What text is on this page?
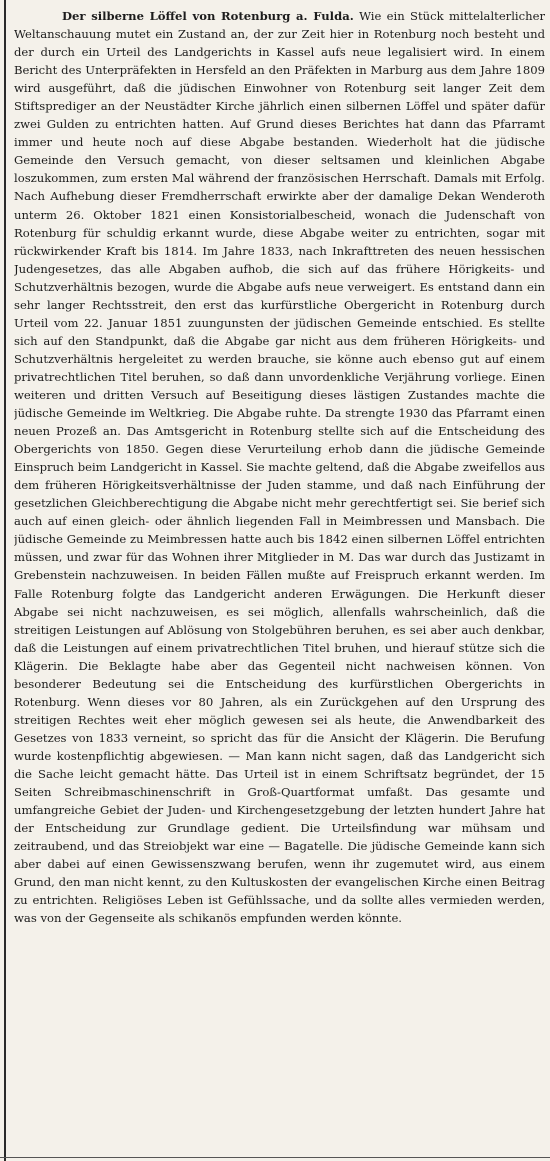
Der silberne Löffel von Rotenburg a. Fulda. Wie ein Stück mittelalterlicher Weltanschauung mutet ein Zustand an, der zur Zeit hier in Rotenburg noch besteht und der durch ein Urteil des Landgerichts in Kassel aufs neue legalisiert wird. In einem Bericht des Unterpräfekten in Hersfeld an den Präfekten in Marburg aus dem Jahre 1809 wird ausgeführt, daß die jüdischen Einwohner von Rotenburg seit langer Zeit dem Stiftsprediger an der Neustädter Kirche jährlich einen silbernen Löffel und später dafür zwei Gulden zu entrichten hatten. Auf Grund dieses Berichtes hat dann das Pfarramt immer und heute noch auf diese Abgabe bestanden. Wiederholt hat die jüdische Gemeinde den Versuch gemacht, von dieser seltsamen und kleinlichen Abgabe loszukommen, zum ersten Mal während der französischen Herrschaft. Damals mit Erfolg. Nach Aufhebung dieser Fremdherrschaft erwirkte aber der damalige Dekan Wenderoth unterm 26. Oktober 1821 einen Konsistorialbescheid, wonach die Judenschaft von Rotenburg für schuldig erkannt wurde, diese Abgabe weiter zu entrichten, sogar mit rückwirkender Kraft bis 1814. Im Jahre 1833, nach Inkrafttreten des neuen hessischen Judengesetzes, das alle Abgaben aufhob, die sich auf das frühere Hörigkeits- und Schutzverhältnis bezogen, wurde die Abgabe aufs neue verweigert. Es entstand dann ein sehr langer Rechtsstreit, den erst das kurfürstliche Obergericht in Rotenburg durch Urteil vom 22. Januar 1851 zuungunsten der jüdischen Gemeinde entschied. Es stellte sich auf den Standpunkt, daß die Abgabe gar nicht aus dem früheren Hörigkeits- und Schutzverhältnis hergeleitet zu werden brauche, sie könne auch ebenso gut auf einem privatrechtlichen Titel beruhen, so daß dann unvordenkliche Verjährung vorliege. Einen weiteren und dritten Versuch auf Beseitigung dieses lästigen Zustandes machte die jüdische Gemeinde im Weltkrieg. Die Abgabe ruhte. Da strengte 1930 das Pfarramt einen neuen Prozeß an. Das Amtsgericht in Rotenburg stellte sich auf die Entscheidung des Obergerichts von 1850. Gegen diese Verurteilung erhob dann die jüdische Gemeinde Einspruch beim Landgericht in Kassel. Sie machte geltend, daß die Abgabe zweifellos aus dem früheren Hörigkeitsverhältnisse der Juden stamme, und daß nach Einführung der gesetzlichen Gleichberechtigung die Abgabe nicht mehr gerechtfertigt sei. Sie berief sich auch auf einen gleich- oder ähnlich liegenden Fall in Meimbressen und Mansbach. Die jüdische Gemeinde zu Meimbressen hatte auch bis 1842 einen silbernen Löffel entrichten müssen, und zwar für das Wohnen ihrer Mitglieder in M. Das war durch das Justizamt in Grebenstein nachzuweisen. In beiden Fällen mußte auf Freispruch erkannt werden. Im Falle Rotenburg folgte das Landgericht anderen Erwägungen. Die Herkunft dieser Abgabe sei nicht nachzuweisen, es sei möglich, allenfalls wahrscheinlich, daß die streitigen Leistungen auf Ablösung von Stolgebühren beruhen, es sei aber auch denkbar, daß die Leistungen auf einem privatrechtlichen Titel bruhen, und hierauf stütze sich die Klägerin. Die Beklagte habe aber das Gegenteil nicht nachweisen können. Von besonderer Bedeutung sei die Entscheidung des kurfürstlichen Obergerichts in Rotenburg. Wenn dieses vor 80 Jahren, als ein Zurückgehen auf den Ursprung des streitigen Rechtes weit eher möglich gewesen sei als heute, die Anwendbarkeit des Gesetzes von 1833 verneint, so spricht das für die Ansicht der Klägerin. Die Berufung wurde kostenpflichtig abgewiesen. — Man kann nicht sagen, daß das Landgericht sich die Sache leicht gemacht hätte. Das Urteil ist in einem Schriftsatz begründet, der 15 Seiten Schreibmaschinenschrift in Groß-Quartformat umfaßt. Das gesamte und umfangreiche Gebiet der Juden- und Kirchengesetzgebung der letzten hundert Jahre hat der Entscheidung zur Grundlage gedient. Die Urteilsfindung war mühsam und zeitraubend, und das Streiobjekt war eine — Bagatelle. Die jüdische Gemeinde kann sich aber dabei auf einen Gewissenszwang berufen, wenn ihr zugemutet wird, aus einem Grund, den man nicht kennt, zu den Kultuskosten der evangelischen Kirche einen Beitrag zu entrichten. Religiöses Leben ist Gefühlssache, und da sollte alles vermieden werden, was von der Gegenseite als schikanös empfunden werden könnte.
